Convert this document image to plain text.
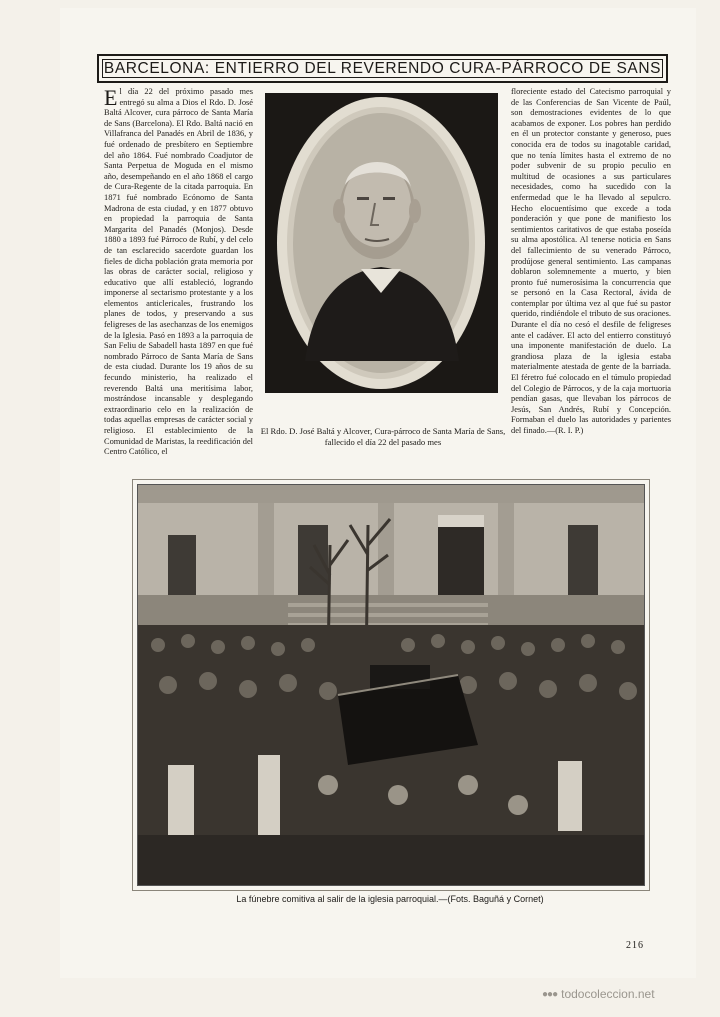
BARCELONA: ENTIERRO DEL REVERENDO CURA-PÁRROCO DE SANS
El día 22 del próximo pasado mes entregó su alma a Dios el Rdo. D. José Baltá Alcover, cura párroco de Santa María de Sans (Barcelona). El Rdo. Baltá nació en Villafranca del Panadés en Abril de 1836, y fué ordenado de presbítero en Septiembre del año 1864. Fué nombrado Coadjutor de Santa Perpetua de Moguda en el mismo año, desempeñando en el año 1868 el cargo de Cura-Regente de la citada parroquia. En 1871 fué nombrado Ecónomo de Santa Madrona de esta ciudad, y en 1877 obtuvo en propiedad la parroquia de Santa Margarita del Panadés (Monjos). Desde 1880 a 1893 fué Párroco de Rubí, y del celo de tan esclarecido sacerdote guardan los fieles de dicha población grata memoria por las obras de carácter social, religioso y educativo que allí estableció, logrando imponerse al sectarismo protestante y a los elementos anticlericales, frustrando los planes de todos, y preservando a sus feligreses de las asechanzas de los enemigos de la Iglesia. Pasó en 1893 a la parroquia de San Feliu de Sabadell hasta 1897 en que fué nombrado Párroco de Santa María de Sans de esta ciudad. Durante los 19 años de su fecundo ministerio, ha realizado el reverendo Baltá una meritísima labor, mostrándose incansable y desplegando extraordinario celo en la realización de todas aquellas empresas de carácter social y religioso. El establecimiento de la Comunidad de Maristas, la reedificación del Centro Católico, el
El Rdo. D. José Baltá y Alcover, Cura-párroco de Santa María de Sans, fallecido el día 22 del pasado mes
floreciente estado del Catecismo parroquial y de las Conferencias de San Vicente de Paúl, son demostraciones evidentes de lo que acabamos de exponer. Los pobres han perdido en él un protector constante y generoso, pues conocida era de todos su inagotable caridad, que no tenía límites hasta el extremo de no poder subvenir de su propio peculio en multitud de ocasiones a sus particulares necesidades, como ha sucedido con la enfermedad que le ha llevado al sepulcro. Hecho elocuentísimo que excede a toda ponderación y que pone de manifiesto los sentimientos caritativos de que estaba poseída su alma apostólica. Al tenerse noticia en Sans del fallecimiento de su venerado Párroco, prodújose general sentimiento. Las campanas doblaron solemnemente a muerto, y bien pronto fué numerosísima la concurrencia que se personó en la Casa Rectoral, ávida de contemplar por última vez al que fué su pastor querido, rindiéndole el tributo de sus oraciones. Durante el día no cesó el desfile de feligreses ante el cadáver. El acto del entierro constituyó una imponente manifestación de duelo. La grandiosa plaza de la iglesia estaba materialmente atestada de gente de la barriada. El féretro fué colocado en el túmulo propiedad del Colegio de Párrocos, y de la caja mortuoria pendían gasas, que llevaban los párrocos de Jesús, San Andrés, Rubí y Concepción. Formaban el duelo las autoridades y parientes del finado.—(R. I. P.)
La fúnebre comitiva al salir de la iglesia parroquial.—(Fots. Baguñá y Cornet)
216
●●● todocoleccion.net
